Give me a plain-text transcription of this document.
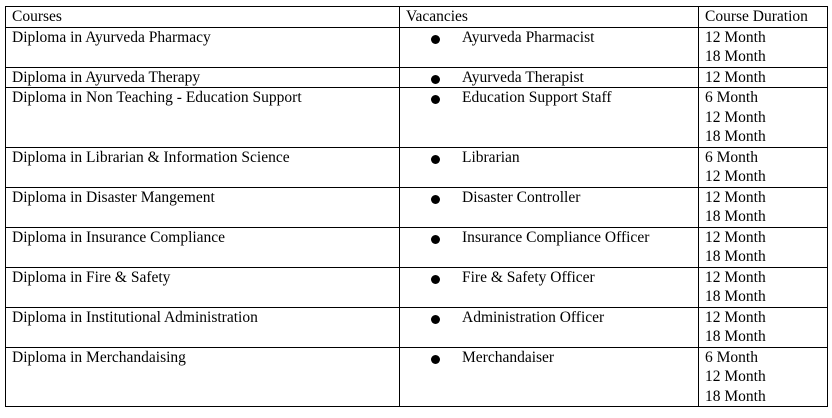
Courses	Vacancies	Course Duration
Diploma in Ayurveda Pharmacy	Ayurveda Pharmacist	12 Month
18 Month

Diploma in Ayurveda Therapy	Ayurveda Therapist	12 Month

Diploma in Non Teaching - Education Support	Education Support Staff	6 Month
12 Month
18 Month

Diploma in Librarian & Information Science	Librarian	6 Month
12 Month

Diploma in Disaster Mangement	Disaster Controller	12 Month
18 Month

Diploma in Insurance Compliance	Insurance Compliance Officer	12 Month
18 Month

Diploma in Fire & Safety	Fire & Safety Officer	12 Month
18 Month

Diploma in Institutional Administration	Administration Officer	12 Month
18 Month

Diploma in Merchandaising	Merchandaiser	6 Month
12 Month
18 Month
